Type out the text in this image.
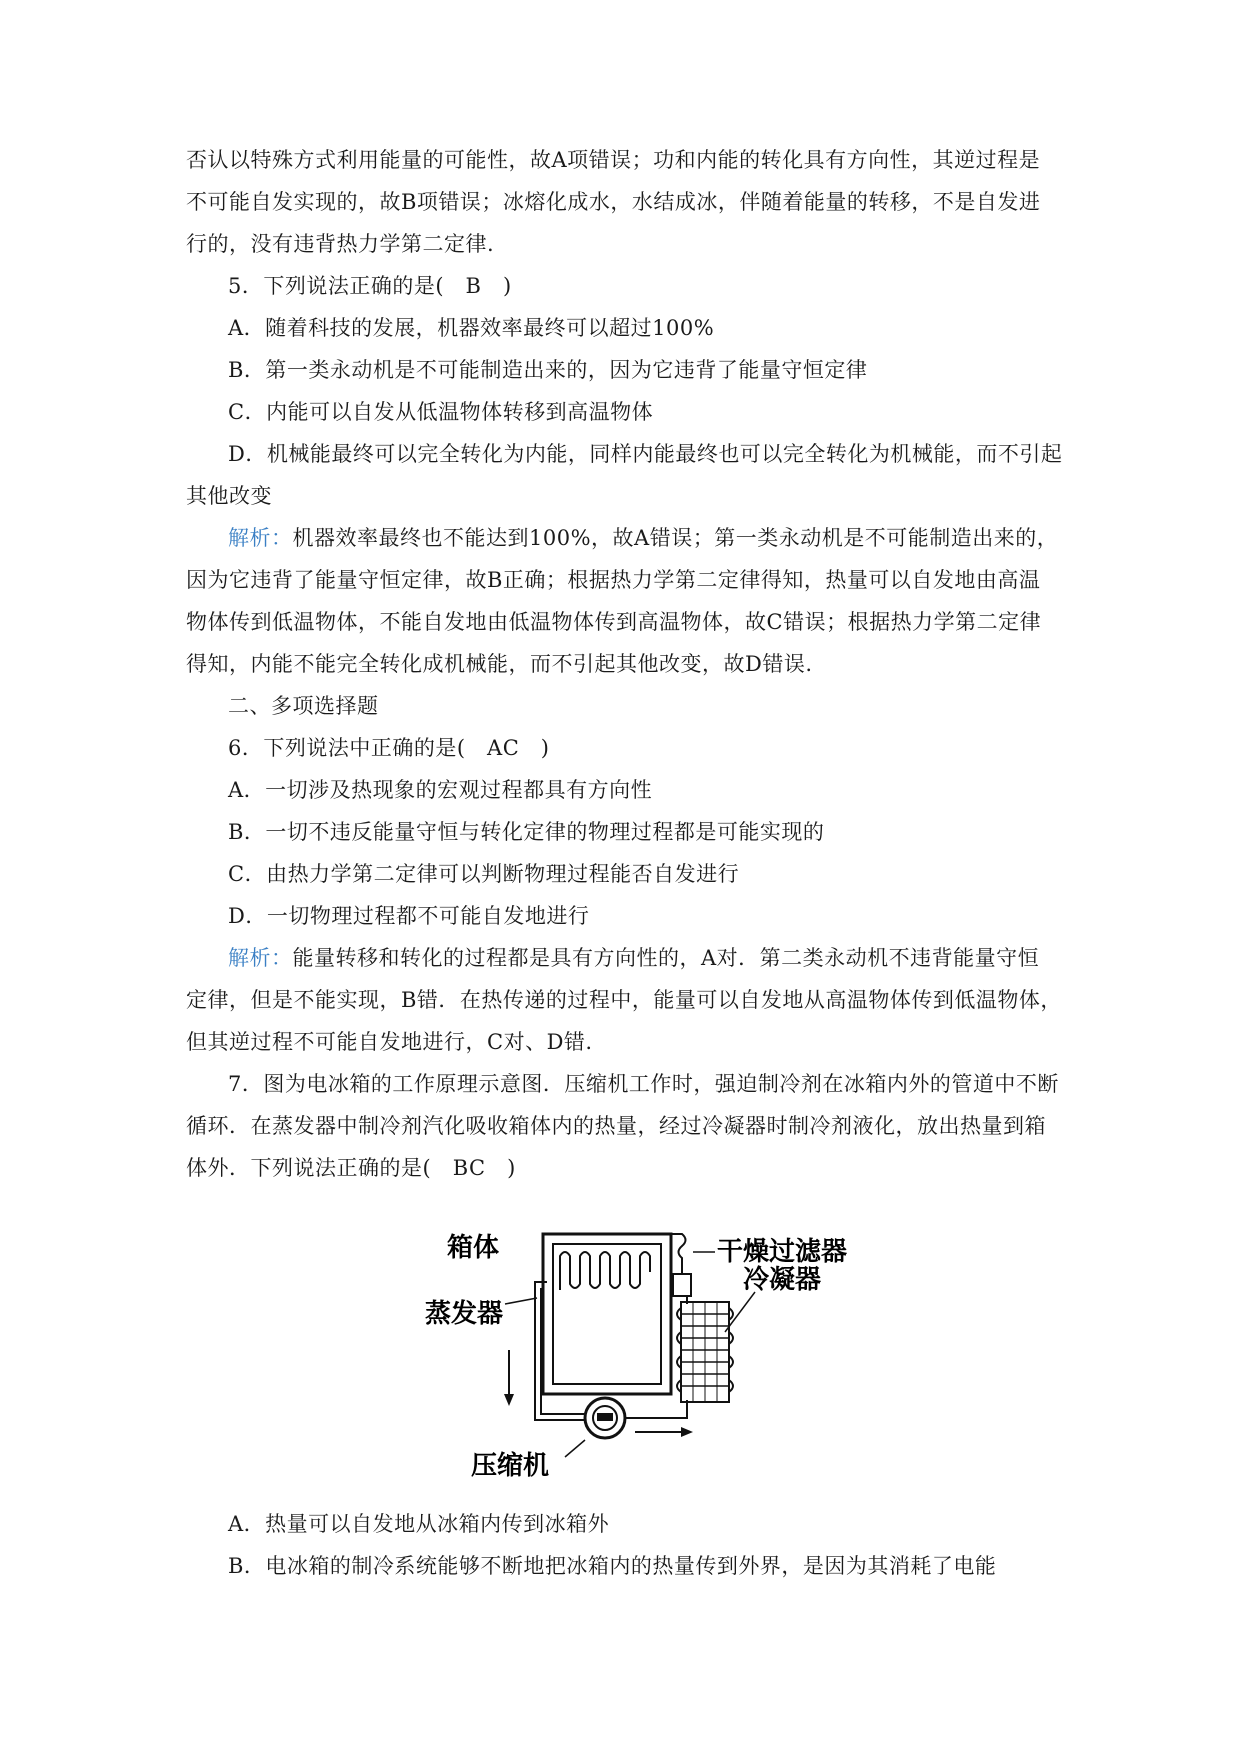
否认以特殊方式利用能量的可能性，故A项错误；功和内能的转化具有方向性，其逆过程是
不可能自发实现的，故B项错误；冰熔化成水，水结成冰，伴随着能量的转移，不是自发进
行的，没有违背热力学第二定律.
5．下列说法正确的是(　B　)
A．随着科技的发展，机器效率最终可以超过100%
B．第一类永动机是不可能制造出来的，因为它违背了能量守恒定律
C．内能可以自发从低温物体转移到高温物体
D．机械能最终可以完全转化为内能，同样内能最终也可以完全转化为机械能，而不引起
其他改变
解析：机器效率最终也不能达到100%，故A错误；第一类永动机是不可能制造出来的，
因为它违背了能量守恒定律，故B正确；根据热力学第二定律得知，热量可以自发地由高温
物体传到低温物体，不能自发地由低温物体传到高温物体，故C错误；根据热力学第二定律
得知，内能不能完全转化成机械能，而不引起其他改变，故D错误.
二、多项选择题
6．下列说法中正确的是(　AC　)
A．一切涉及热现象的宏观过程都具有方向性
B．一切不违反能量守恒与转化定律的物理过程都是可能实现的
C．由热力学第二定律可以判断物理过程能否自发进行
D．一切物理过程都不可能自发地进行
解析：能量转移和转化的过程都是具有方向性的，A对．第二类永动机不违背能量守恒
定律，但是不能实现，B错．在热传递的过程中，能量可以自发地从高温物体传到低温物体，
但其逆过程不可能自发地进行，C对、D错.
7．图为电冰箱的工作原理示意图．压缩机工作时，强迫制冷剂在冰箱内外的管道中不断
循环．在蒸发器中制冷剂汽化吸收箱体内的热量，经过冷凝器时制冷剂液化，放出热量到箱
体外．下列说法正确的是(　BC　)
箱体	干燥过滤器
冷凝器
蒸发器
压缩机
A．热量可以自发地从冰箱内传到冰箱外
B．电冰箱的制冷系统能够不断地把冰箱内的热量传到外界，是因为其消耗了电能
